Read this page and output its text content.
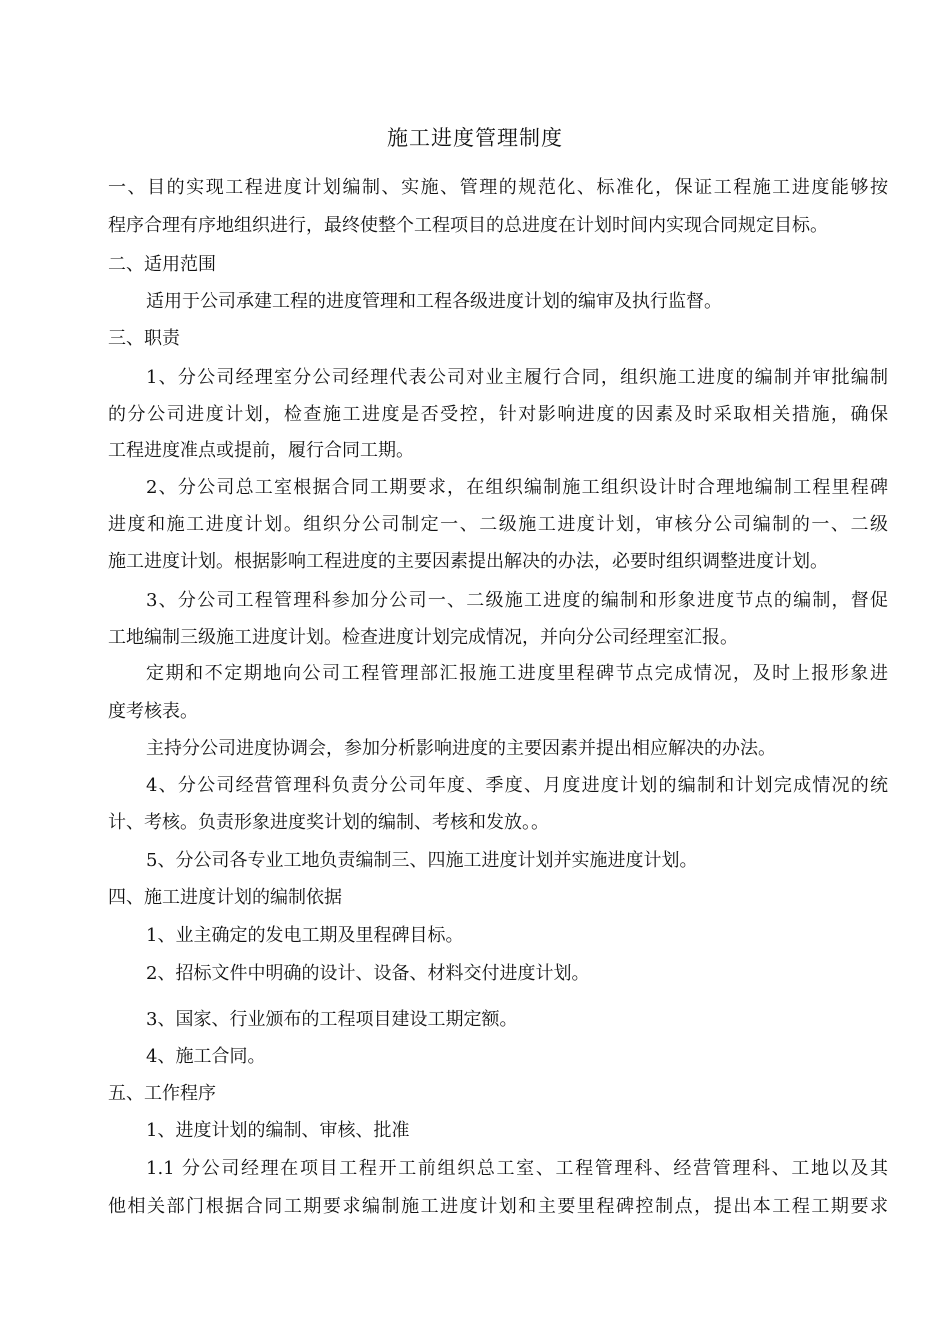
施工进度管理制度
一、目的实现工程进度计划编制、实施、管理的规范化、标准化，保证工程施工进度能够按
程序合理有序地组织进行，最终使整个工程项目的总进度在计划时间内实现合同规定目标。
二、适用范围
适用于公司承建工程的进度管理和工程各级进度计划的编审及执行监督。
三、职责
1、分公司经理室分公司经理代表公司对业主履行合同，组织施工进度的编制并审批编制
的分公司进度计划，检查施工进度是否受控，针对影响进度的因素及时采取相关措施，确保
工程进度准点或提前，履行合同工期。
2、分公司总工室根据合同工期要求，在组织编制施工组织设计时合理地编制工程里程碑
进度和施工进度计划。组织分公司制定一、二级施工进度计划，审核分公司编制的一、二级
施工进度计划。根据影响工程进度的主要因素提出解决的办法，必要时组织调整进度计划。
3、分公司工程管理科参加分公司一、二级施工进度的编制和形象进度节点的编制，督促
工地编制三级施工进度计划。检查进度计划完成情况，并向分公司经理室汇报。
定期和不定期地向公司工程管理部汇报施工进度里程碑节点完成情况，及时上报形象进
度考核表。
主持分公司进度协调会，参加分析影响进度的主要因素并提出相应解决的办法。
4、分公司经营管理科负责分公司年度、季度、月度进度计划的编制和计划完成情况的统
计、考核。负责形象进度奖计划的编制、考核和发放。。
5、分公司各专业工地负责编制三、四施工进度计划并实施进度计划。
四、施工进度计划的编制依据
1、业主确定的发电工期及里程碑目标。
2、招标文件中明确的设计、设备、材料交付进度计划。
3、国家、行业颁布的工程项目建设工期定额。
4、施工合同。
五、工作程序
1、进度计划的编制、审核、批准
1.1 分公司经理在项目工程开工前组织总工室、工程管理科、经营管理科、工地以及其
他相关部门根据合同工期要求编制施工进度计划和主要里程碑控制点，提出本工程工期要求
